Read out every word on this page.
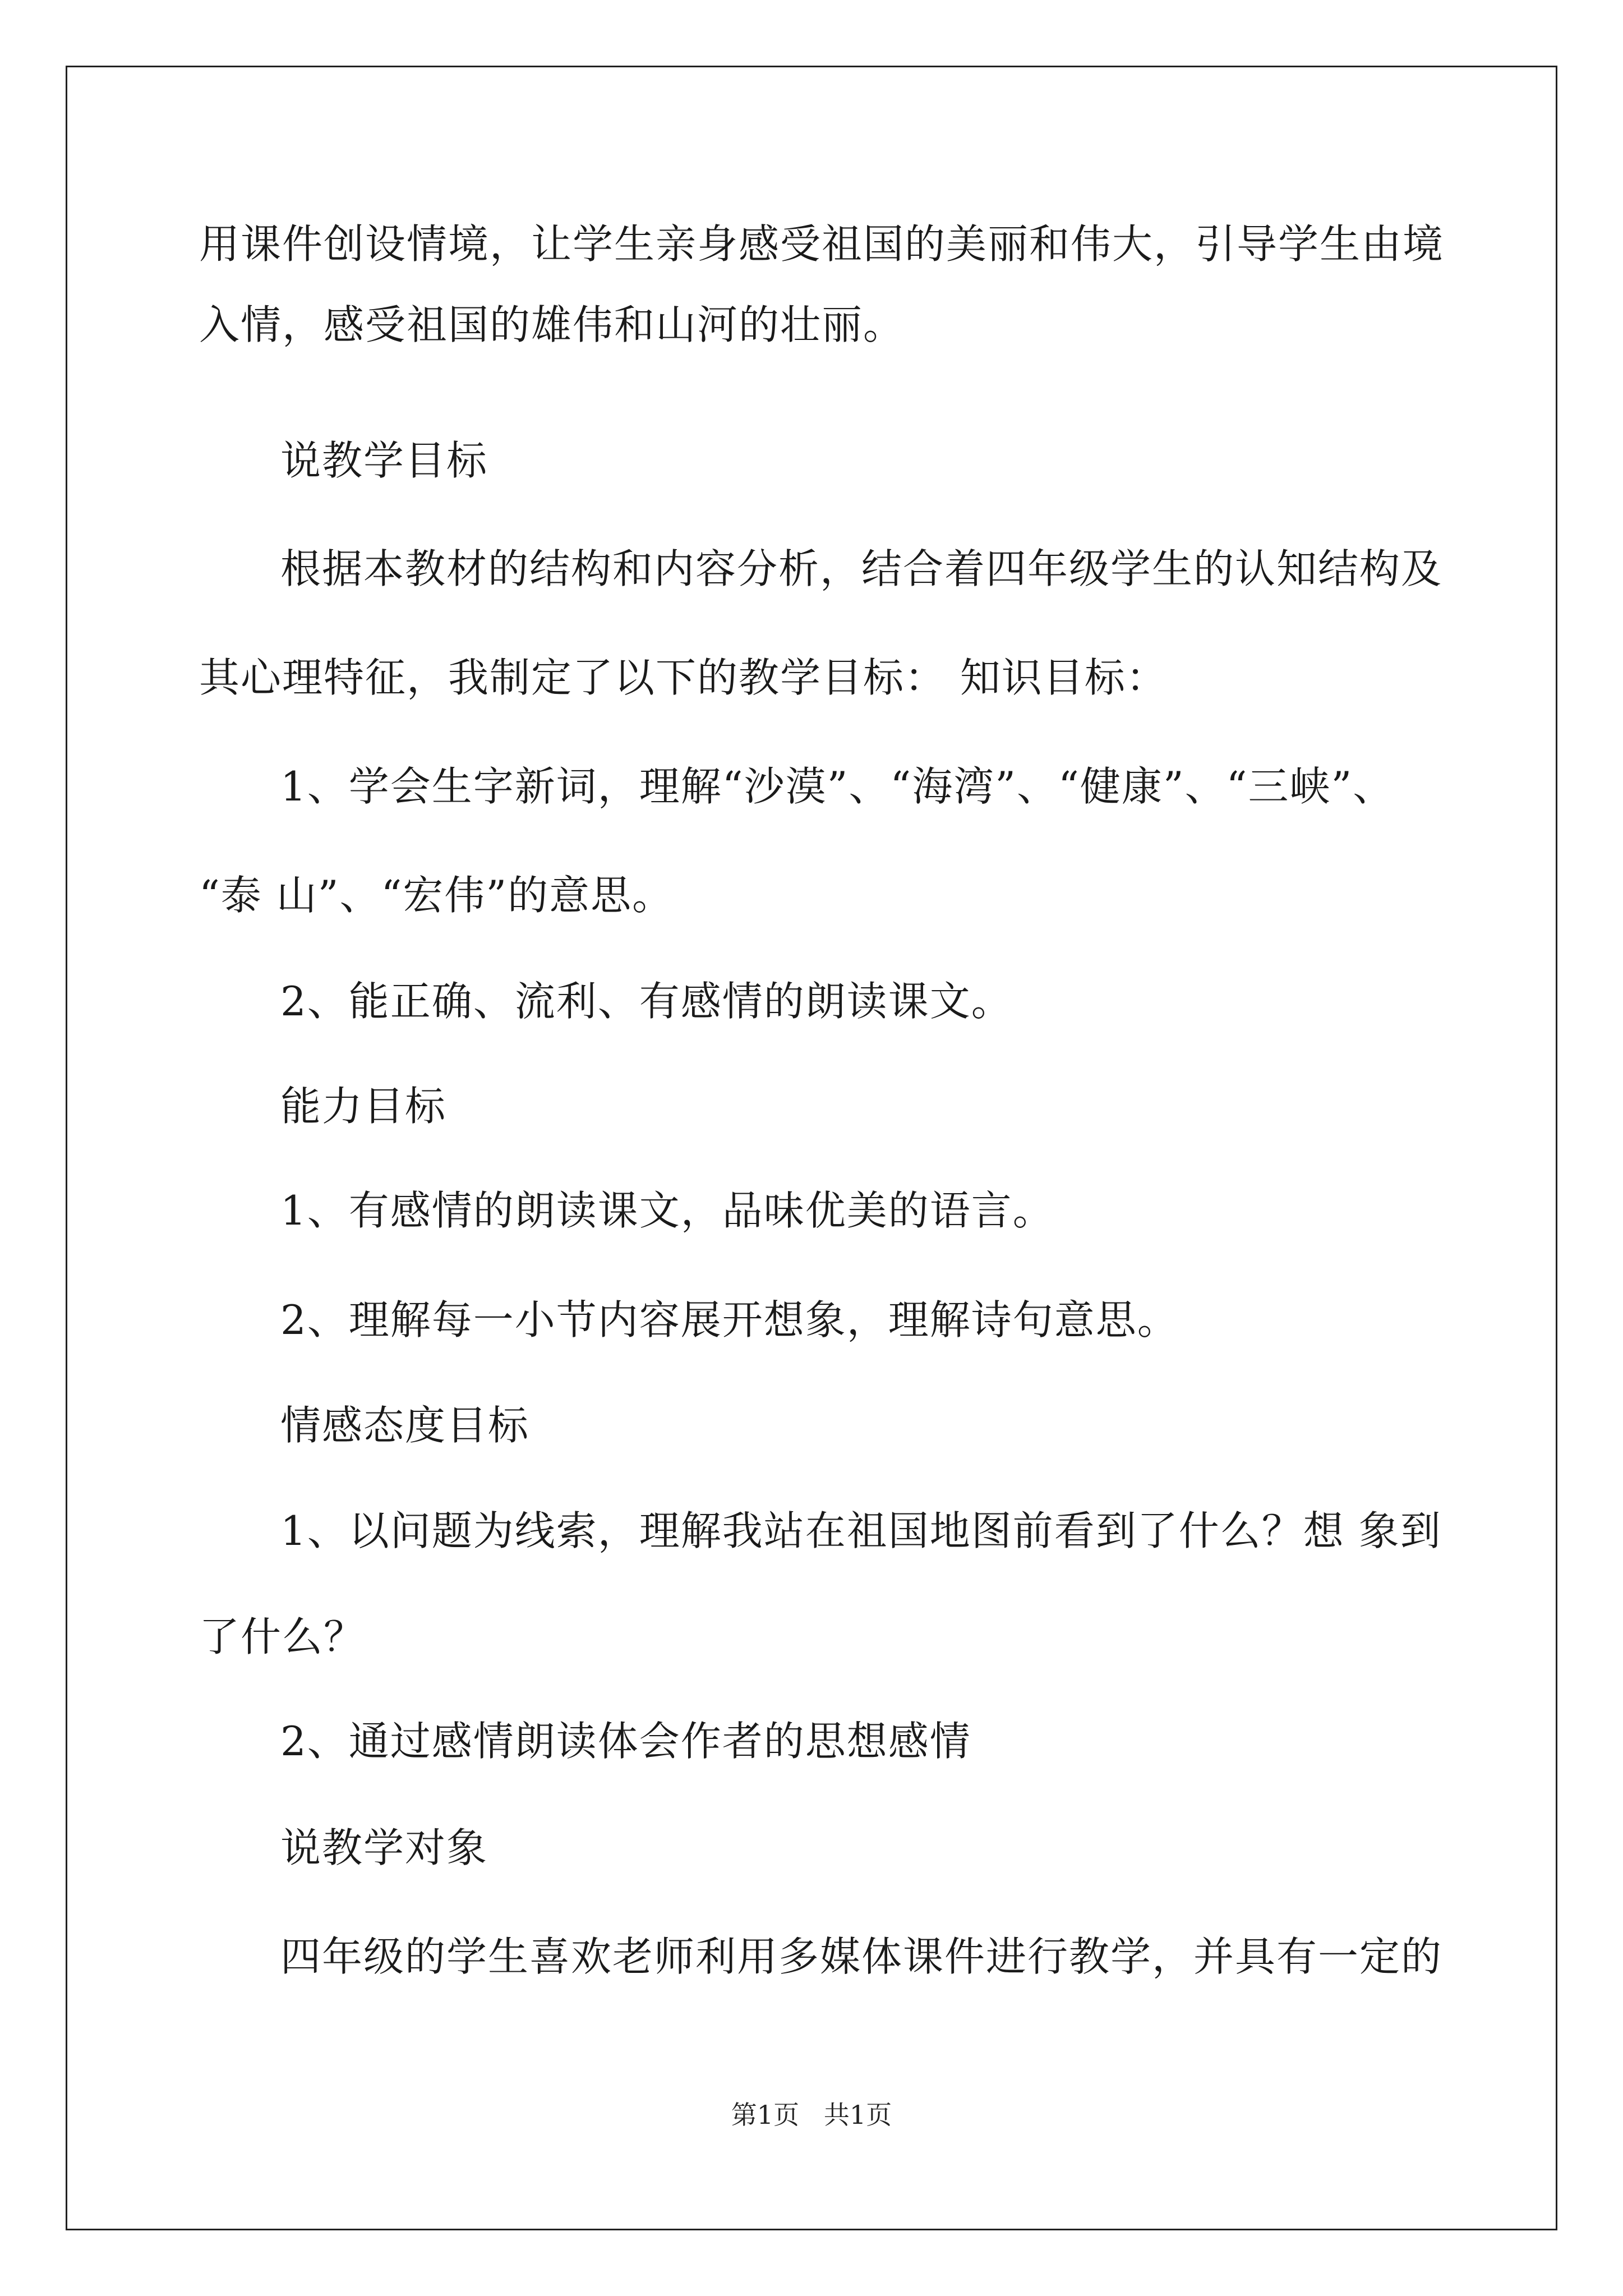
用课件创设情境，让学生亲身感受祖国的美丽和伟大，引导学生由境
入情，感受祖国的雄伟和山河的壮丽。
说教学目标
根据本教材的结构和内容分析，结合着四年级学生的认知结构及
其心理特征，我制定了以下的教学目标： 知识目标：
1、学会生字新词，理解“沙漠”、“海湾”、“健康”、“三峡”、
“泰 山”、“宏伟”的意思。
2、能正确、流利、有感情的朗读课文。
能力目标
1、有感情的朗读课文，品味优美的语言。
2、理解每一小节内容展开想象，理解诗句意思。
情感态度目标
1、以问题为线索，理解我站在祖国地图前看到了什么？想 象到
了什么？
2、通过感情朗读体会作者的思想感情
说教学对象
四年级的学生喜欢老师利用多媒体课件进行教学，并具有一定的
第1页   共1页
